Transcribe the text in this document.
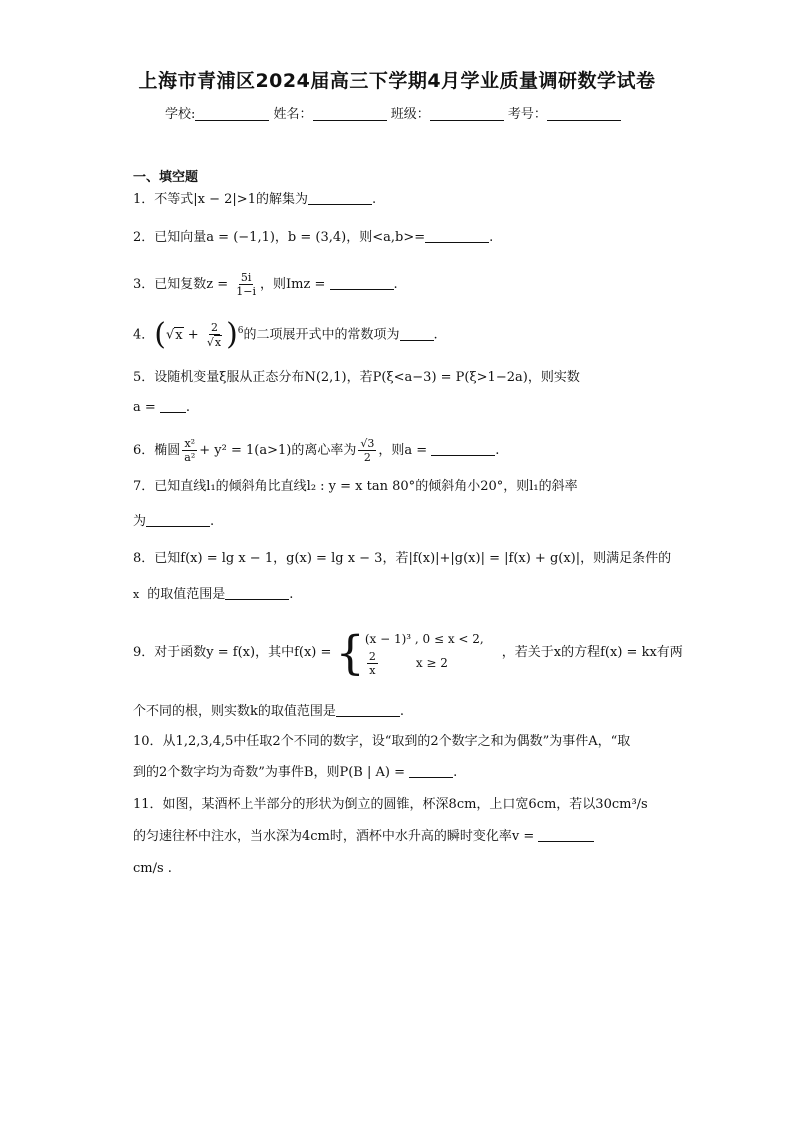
上海市青浦区2024届高三下学期4月学业质量调研数学试卷
学校:	姓名：	班级：	考号：
一、填空题
1．不等式|x − 2|>1的解集为	.
2．已知向量a = (−1,1)，b = (3,4)，则<a,b>=	.
3．已知复数$z = \frac{5i}{1-i}$ ，则Imz =	.
4．$(√x + \frac{2}{√x} )^6$的二项展开式中的常数项为	.
5．设随机变量ξ服从正态分布N(2,1)，若P(ξ<a−3) = P(ξ>1−2a)，则实数
a = .
6．椭圆 $\frac{\text{x²}}{\text{a²}} + y^2 = 1(a>1)$的离心率为 $\frac{√3}{2}$ ，则a =	.
7．已知直线l₁的倾斜角比直线l₂ : y = x tan 80°的倾斜角小20°，则l₁的斜率
为	.
8．已知f(x) = lg x − 1，g(x) = lg x − 3，若|f(x)|+|g(x)| = |f(x) + g(x)|，则满足条件的
x 的取值范围是	.
9．对于函数y = f(x)，其中f(x) = { (x − 1)³ , 0 ≤ x < 2,
$\frac{2}{x}$	x ≥ 2
，若关于x的方程f(x) = kx有两
个不同的根，则实数k的取值范围是	.
10．从1,2,3,4,5中任取2个不同的数字，设“取到的2个数字之和为偶数”为事件A，“取
到的2个数字均为奇数”为事件B，则P(B | A) =	.
11．如图，某酒杯上半部分的形状为倒立的圆锥，杯深8cm，上口宽6cm，若以30cm³/s
的匀速往杯中注水，当水深为4cm时，酒杯中水升高的瞬时变化率v =
cm/s .
